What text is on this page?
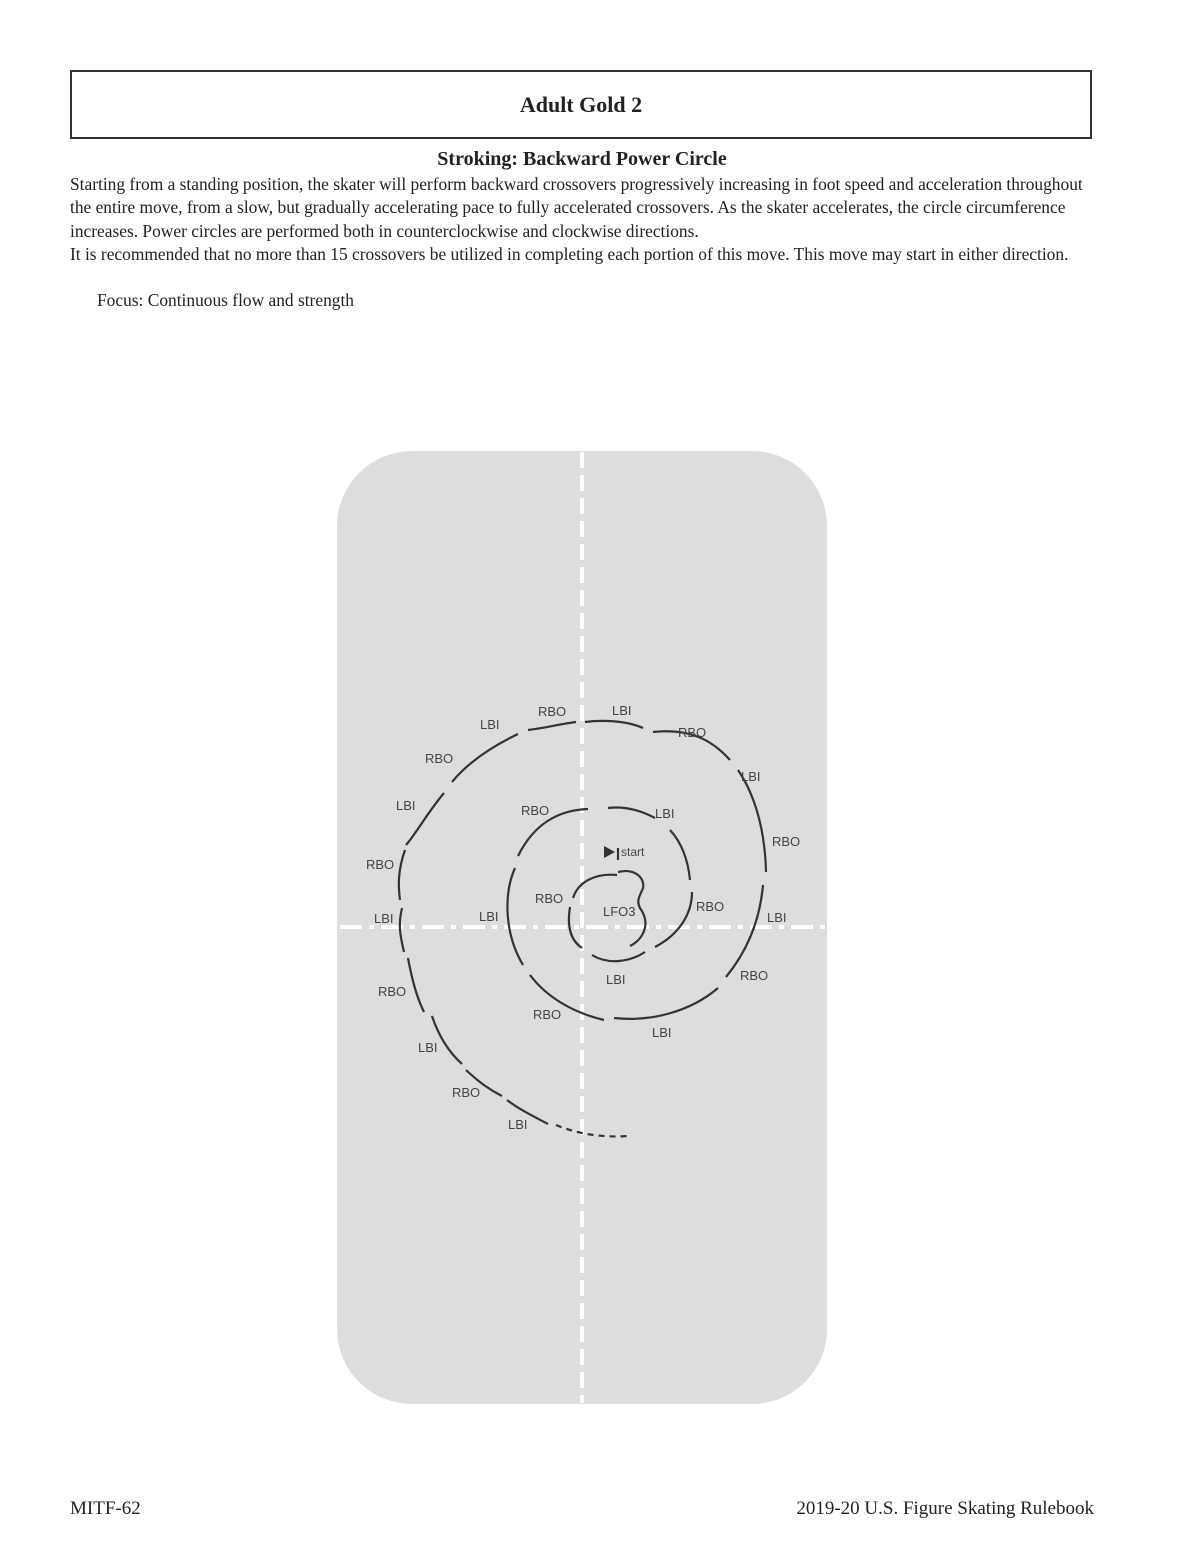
Adult Gold 2
Stroking: Backward Power Circle

Starting from a standing position, the skater will perform backward crossovers progressively increasing in foot speed and acceleration throughout the entire move, from a slow, but gradually accelerating pace to fully accelerated crossovers. As the skater accelerates, the circle circumference increases. Power circles are performed both in counterclockwise and clockwise directions.

It is recommended that no more than 15 crossovers be utilized in completing each portion of this move. This move may start in either direction.

Focus: Continuous flow and strength
start
LFO3
RBO
LBI
RBO
LBI
RBO
LBI
RBO
LBI
RBO
LBI
RBO
LBI
RBO
LBI
RBO
LBI
RBO
LBI
RBO
LBI
RBO
LBI
RBO
LBI
MITF-62	2019-20 U.S. Figure Skating Rulebook
